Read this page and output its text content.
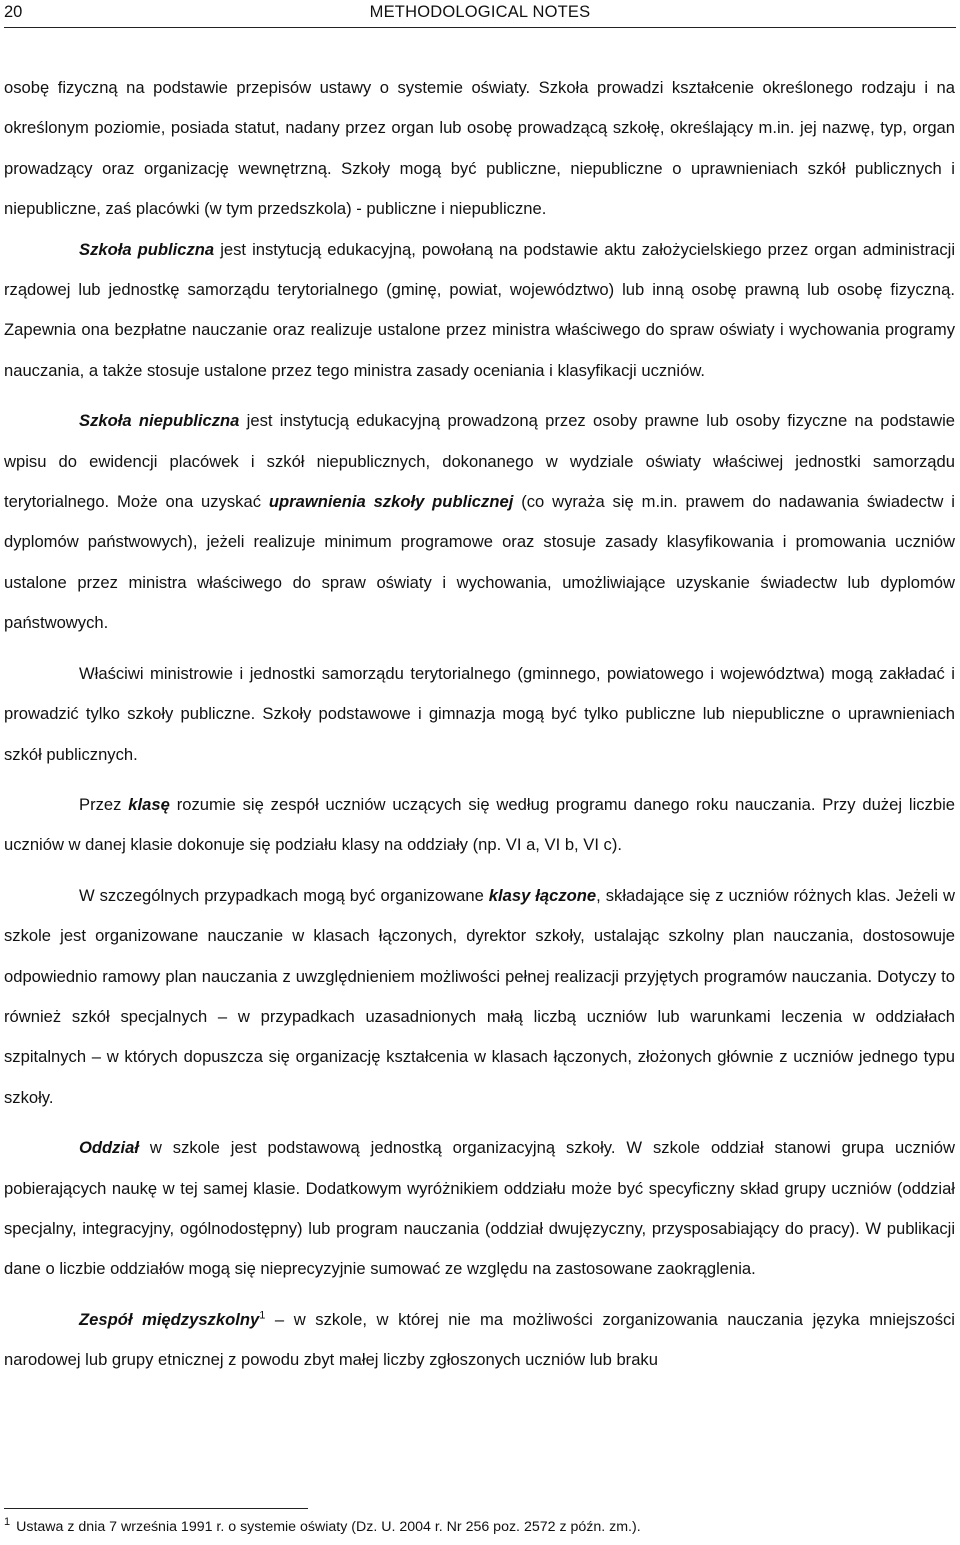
20	METHODOLOGICAL NOTES

osobę fizyczną na podstawie przepisów ustawy o systemie oświaty. Szkoła prowadzi kształcenie określonego rodzaju i na określonym poziomie, posiada statut, nadany przez organ lub osobę prowadzącą szkołę, określający m.in. jej nazwę, typ, organ prowadzący oraz organizację wewnętrzną. Szkoły mogą być publiczne, niepubliczne o uprawnieniach szkół publicznych i niepubliczne, zaś placówki (w tym przedszkola) - publiczne i niepubliczne.

Szkoła publiczna jest instytucją edukacyjną, powołaną na podstawie aktu założycielskiego przez organ administracji rządowej lub jednostkę samorządu terytorialnego (gminę, powiat, województwo) lub inną osobę prawną lub osobę fizyczną. Zapewnia ona bezpłatne nauczanie oraz realizuje ustalone przez ministra właściwego do spraw oświaty i wychowania programy nauczania, a także stosuje ustalone przez tego ministra zasady oceniania i klasyfikacji uczniów.

Szkoła niepubliczna jest instytucją edukacyjną prowadzoną przez osoby prawne lub osoby fizyczne na podstawie wpisu do ewidencji placówek i szkół niepublicznych, dokonanego w wydziale oświaty właściwej jednostki samorządu terytorialnego. Może ona uzyskać uprawnienia szkoły publicznej (co wyraża się m.in. prawem do nadawania świadectw i dyplomów państwowych), jeżeli realizuje minimum programowe oraz stosuje zasady klasyfikowania i promowania uczniów ustalone przez ministra właściwego do spraw oświaty i wychowania, umożliwiające uzyskanie świadectw lub dyplomów państwowych.

Właściwi ministrowie i jednostki samorządu terytorialnego (gminnego, powiatowego i województwa) mogą zakładać i prowadzić tylko szkoły publiczne. Szkoły podstawowe i gimnazja mogą być tylko publiczne lub niepubliczne o uprawnieniach szkół publicznych.

Przez klasę rozumie się zespół uczniów uczących się według programu danego roku nauczania. Przy dużej liczbie uczniów w danej klasie dokonuje się podziału klasy na oddziały (np. VI a, VI b, VI c).

W szczególnych przypadkach mogą być organizowane klasy łączone, składające się z uczniów różnych klas. Jeżeli w szkole jest organizowane nauczanie w klasach łączonych, dyrektor szkoły, ustalając szkolny plan nauczania, dostosowuje odpowiednio ramowy plan nauczania z uwzględnieniem możliwości pełnej realizacji przyjętych programów nauczania. Dotyczy to również szkół specjalnych – w przypadkach uzasadnionych małą liczbą uczniów lub warunkami leczenia w oddziałach szpitalnych – w których dopuszcza się organizację kształcenia w klasach łączonych, złożonych głównie z uczniów jednego typu szkoły.

Oddział w szkole jest podstawową jednostką organizacyjną szkoły. W szkole oddział stanowi grupa uczniów pobierających naukę w tej samej klasie. Dodatkowym wyróżnikiem oddziału może być specyficzny skład grupy uczniów (oddział specjalny, integracyjny, ogólnodostępny) lub program nauczania (oddział dwujęzyczny, przysposabiający do pracy). W publikacji dane o liczbie oddziałów mogą się nieprecyzyjnie sumować ze względu na zastosowane zaokrąglenia.

Zespół międzyszkolny$^1$ – w szkole, w której nie ma możliwości zorganizowania nauczania języka mniejszości narodowej lub grupy etnicznej z powodu zbyt małej liczby zgłoszonych uczniów lub braku

$^1$ Ustawa z dnia 7 września 1991 r. o systemie oświaty (Dz. U. 2004 r. Nr 256 poz. 2572 z późn. zm.).
